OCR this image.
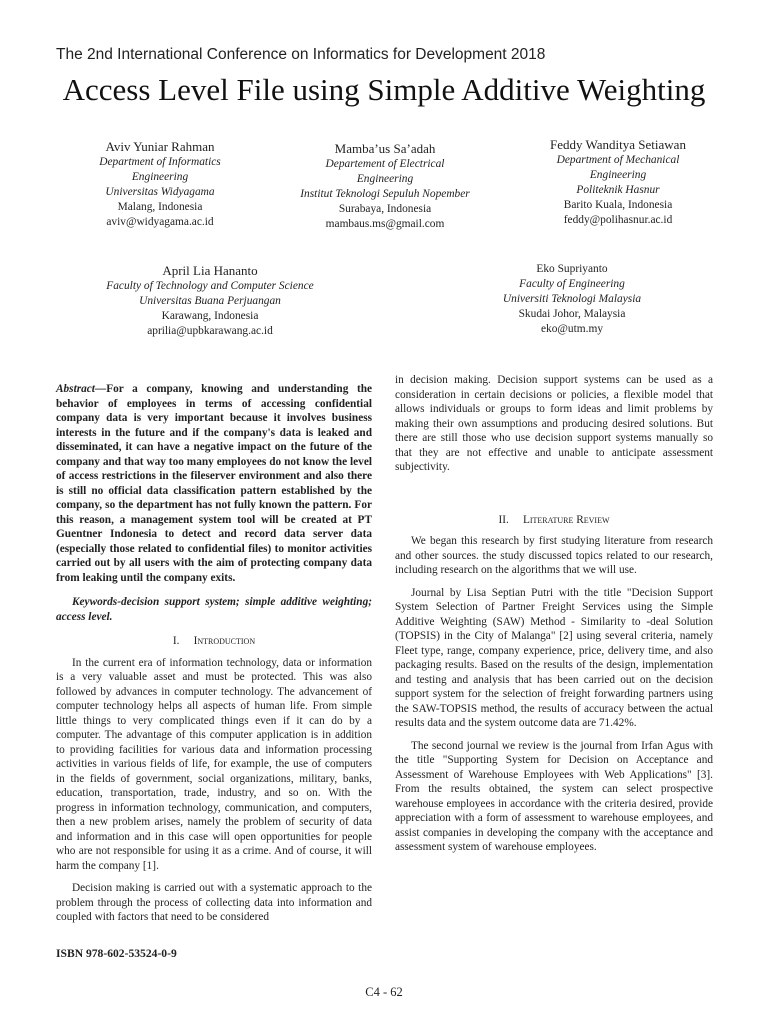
The 2nd International Conference on Informatics for Development 2018
Access Level File using Simple Additive Weighting
Aviv Yuniar Rahman
Department of Informatics Engineering
Universitas Widyagama
Malang, Indonesia
aviv@widyagama.ac.id
Mamba’us Sa’adah
Departement of Electrical Engineering
Institut Teknologi Sepuluh Nopember
Surabaya, Indonesia
mambaus.ms@gmail.com
Feddy Wanditya Setiawan
Department of Mechanical Engineering
Politeknik Hasnur
Barito Kuala, Indonesia
feddy@polihasnur.ac.id
April Lia Hananto
Faculty of Technology and Computer Science
Universitas Buana Perjuangan
Karawang, Indonesia
aprilia@upbkarawang.ac.id
Eko Supriyanto
Faculty of Engineering
Universiti Teknologi Malaysia
Skudai Johor, Malaysia
eko@utm.my

Abstract—For a company, knowing and understanding the behavior of employees in terms of accessing confidential company data is very important because it involves business interests in the future and if the company's data is leaked and disseminated, it can have a negative impact on the future of the company and that way too many employees do not know the level of access restrictions in the fileserver environment and also there is still no official data classification pattern established by the company, so the department has not fully known the pattern. For this reason, a management system tool will be created at PT Guentner Indonesia to detect and record data server data (especially those related to confidential files) to monitor activities carried out by all users with the aim of protecting company data from leaking until the company exits.

Keywords-decision support system; simple additive weighting; access level.

I. Introduction

In the current era of information technology, data or information is a very valuable asset and must be protected. This was also followed by advances in computer technology. The advancement of computer technology helps all aspects of human life. From simple little things to very complicated things even if it can do by a computer. The advantage of this computer application is in addition to providing facilities for various data and information processing activities in various fields of life, for example, the use of computers in the fields of government, social organizations, military, banks, education, transportation, trade, industry, and so on. With the progress in information technology, communication, and computers, then a new problem arises, namely the problem of security of data and information and in this case will open opportunities for people who are not responsible for using it as a crime. And of course, it will harm the company [1].

Decision making is carried out with a systematic approach to the problem through the process of collecting data into information and coupled with factors that need to be considered

in decision making. Decision support systems can be used as a consideration in certain decisions or policies, a flexible model that allows individuals or groups to form ideas and limit problems by making their own assumptions and producing desired solutions. But there are still those who use decision support systems manually so that they are not effective and unable to anticipate assessment subjectivity.

II. Literature Review

We began this research by first studying literature from research and other sources. the study discussed topics related to our research, including research on the algorithms that we will use.

Journal by Lisa Septian Putri with the title "Decision Support System Selection of Partner Freight Services using the Simple Additive Weighting (SAW) Method - Similarity to -deal Solution (TOPSIS) in the City of Malanga" [2] using several criteria, namely Fleet type, range, company experience, price, delivery time, and also packaging results. Based on the results of the design, implementation and testing and analysis that has been carried out on the decision support system for the selection of freight forwarding partners using the SAW-TOPSIS method, the results of accuracy between the actual results data and the system outcome data are 71.42%.

The second journal we review is the journal from Irfan Agus with the title "Supporting System for Decision on Acceptance and Assessment of Warehouse Employees with Web Applications" [3]. From the results obtained, the system can select prospective warehouse employees in accordance with the criteria desired, provide appreciation with a form of assessment to warehouse employees, and assist companies in developing the company with the acceptance and assessment system of warehouse employees.

ISBN 978-602-53524-0-9
C4 - 62
